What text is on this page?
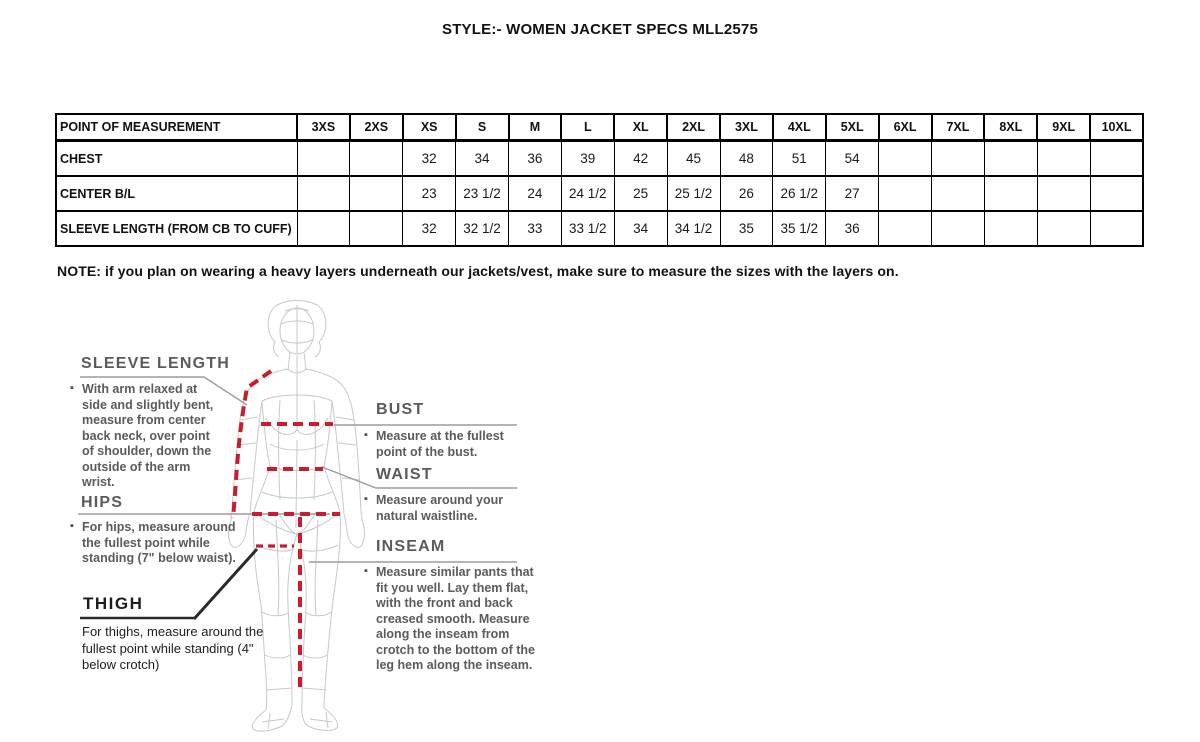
STYLE:- WOMEN JACKET SPECS MLL2575
POINT OF MEASUREMENT	3XS	2XS	XS	S	M	L	XL	2XL	3XL	4XL	5XL	6XL	7XL	8XL	9XL	10XL
CHEST			32	34	36	39	42	45	48	51	54					
CENTER B/L			23	23 1/2	24	24 1/2	25	25 1/2	26	26 1/2	27					
SLEEVE LENGTH (FROM CB TO CUFF)			32	32 1/2	33	33 1/2	34	34 1/2	35	35 1/2	36					
NOTE: if you plan on wearing a heavy layers underneath our jackets/vest, make sure to measure the sizes with the layers on.
SLEEVE LENGTH
▪ With arm relaxed at side and slightly bent, measure from center back neck, over point of shoulder, down the outside of the arm wrist.
HIPS
▪ For hips, measure around the fullest point while standing (7" below waist).
THIGH
For thighs, measure around the fullest point while standing (4" below crotch)
BUST
▪ Measure at the fullest point of the bust.
WAIST
▪ Measure around your natural waistline.
INSEAM
▪ Measure similar pants that fit you well. Lay them flat, with the front and back creased smooth. Measure along the inseam from crotch to the bottom of the leg hem along the inseam.
